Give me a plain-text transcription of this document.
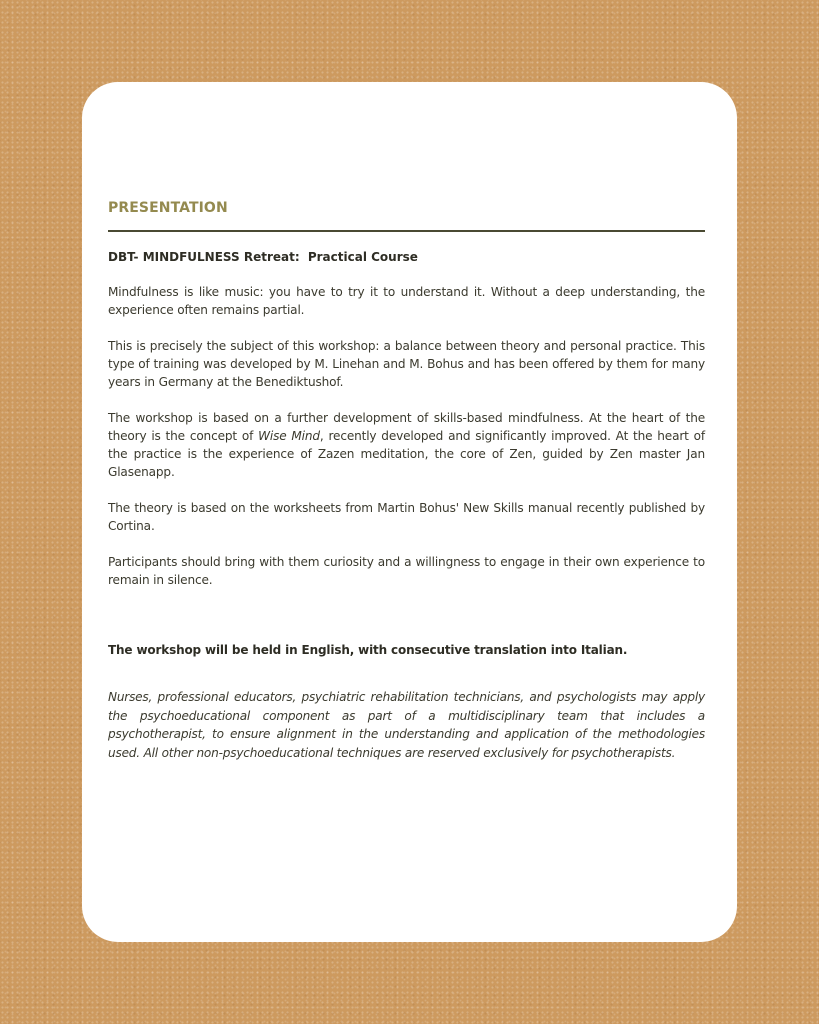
PRESENTATION
DBT- MINDFULNESS Retreat: Practical Course

Mindfulness is like music: you have to try it to understand it. Without a deep understanding, the experience often remains partial.

This is precisely the subject of this workshop: a balance between theory and personal practice. This type of training was developed by M. Linehan and M. Bohus and has been offered by them for many years in Germany at the Benediktushof.

The workshop is based on a further development of skills-based mindfulness. At the heart of the theory is the concept of Wise Mind, recently developed and significantly improved. At the heart of the practice is the experience of Zazen meditation, the core of Zen, guided by Zen master Jan Glasenapp.

The theory is based on the worksheets from Martin Bohus' New Skills manual recently published by Cortina.

Participants should bring with them curiosity and a willingness to engage in their own experience to remain in silence.

The workshop will be held in English, with consecutive translation into Italian.

Nurses, professional educators, psychiatric rehabilitation technicians, and psychologists may apply the psychoeducational component as part of a multidisciplinary team that includes a psychotherapist, to ensure alignment in the understanding and application of the methodologies used. All other non-psychoeducational techniques are reserved exclusively for psychotherapists.
